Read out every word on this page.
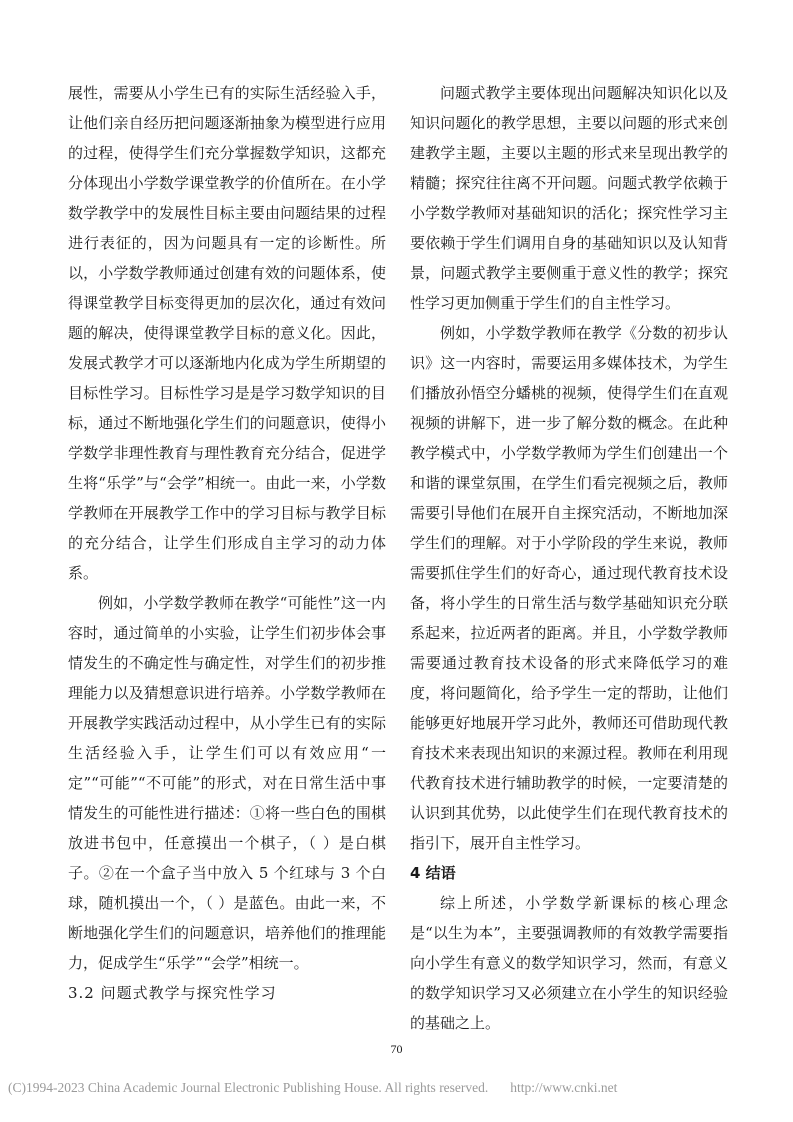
展性，需要从小学生已有的实际生活经验入手，让他们亲自经历把问题逐渐抽象为模型进行应用的过程，使得学生们充分掌握数学知识，这都充分体现出小学数学课堂教学的价值所在。在小学数学教学中的发展性目标主要由问题结果的过程进行表征的，因为问题具有一定的诊断性。所以，小学数学教师通过创建有效的问题体系，使得课堂教学目标变得更加的层次化，通过有效问题的解决，使得课堂教学目标的意义化。因此，发展式教学才可以逐渐地内化成为学生所期望的目标性学习。目标性学习是是学习数学知识的目标，通过不断地强化学生们的问题意识，使得小学数学非理性教育与理性教育充分结合，促进学生将“乐学”与“会学”相统一。由此一来，小学数学教师在开展教学工作中的学习目标与教学目标的充分结合，让学生们形成自主学习的动力体系。

例如，小学数学教师在教学“可能性”这一内容时，通过简单的小实验，让学生们初步体会事情发生的不确定性与确定性，对学生们的初步推理能力以及猜想意识进行培养。小学数学教师在开展教学实践活动过程中，从小学生已有的实际生活经验入手，让学生们可以有效应用“一定”“可能”“不可能”的形式，对在日常生活中事情发生的可能性进行描述：①将一些白色的围棋放进书包中，任意摸出一个棋子，（ ）是白棋子。②在一个盒子当中放入 5 个红球与 3 个白球，随机摸出一个，（ ）是蓝色。由此一来，不断地强化学生们的问题意识，培养他们的推理能力，促成学生“乐学”“会学”相统一。

3.2 问题式教学与探究性学习

问题式教学主要体现出问题解决知识化以及知识问题化的教学思想，主要以问题的形式来创建教学主题，主要以主题的形式来呈现出教学的精髓；探究往往离不开问题。问题式教学依赖于小学数学教师对基础知识的活化；探究性学习主要依赖于学生们调用自身的基础知识以及认知背景，问题式教学主要侧重于意义性的教学；探究性学习更加侧重于学生们的自主性学习。

例如，小学数学教师在教学《分数的初步认识》这一内容时，需要运用多媒体技术，为学生们播放孙悟空分蟠桃的视频，使得学生们在直观视频的讲解下，进一步了解分数的概念。在此种教学模式中，小学数学教师为学生们创建出一个和谐的课堂氛围，在学生们看完视频之后，教师需要引导他们在展开自主探究活动，不断地加深学生们的理解。对于小学阶段的学生来说，教师需要抓住学生们的好奇心，通过现代教育技术设备，将小学生的日常生活与数学基础知识充分联系起来，拉近两者的距离。并且，小学数学教师需要通过教育技术设备的形式来降低学习的难度，将问题简化，给予学生一定的帮助，让他们能够更好地展开学习此外，教师还可借助现代教育技术来表现出知识的来源过程。教师在利用现代教育技术进行辅助教学的时候，一定要清楚的认识到其优势，以此使学生们在现代教育技术的指引下，展开自主性学习。

4 结语

综上所述，小学数学新课标的核心理念是“以生为本”，主要强调教师的有效教学需要指向小学生有意义的数学知识学习，然而，有意义的数学知识学习又必须建立在小学生的知识经验的基础之上。

70
(C)1994-2023 China Academic Journal Electronic Publishing House. All rights reserved. http://www.cnki.net
